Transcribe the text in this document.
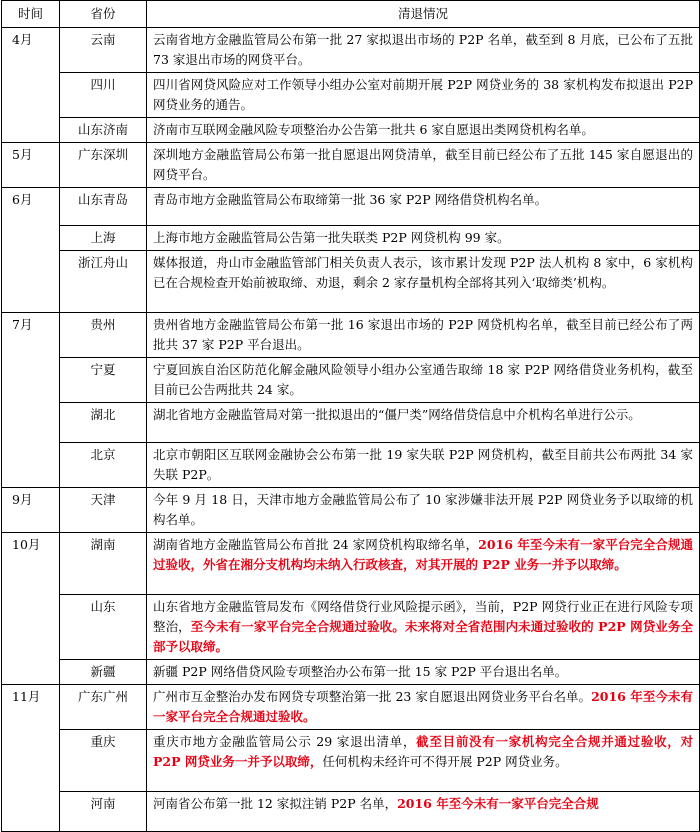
时间	省份	清退情况
4月	云南	云南省地方金融监管局公布第一批 27 家拟退出市场的 P2P 名单，截至到 8 月底，已公布了五批 73 家退出市场的网贷平台。
	四川	四川省网贷风险应对工作领导小组办公室对前期开展 P2P 网贷业务的 38 家机构发布拟退出 P2P 网贷业务的通告。
	山东济南	济南市互联网金融风险专项整治办公告第一批共 6 家自愿退出类网贷机构名单。
5月	广东深圳	深圳地方金融监管局公布第一批自愿退出网贷清单，截至目前已经公布了五批 145 家自愿退出的网贷平台。
6月	山东青岛	青岛市地方金融监管局公布取缔第一批 36 家 P2P 网络借贷机构名单。
	上海	上海市地方金融监管局公告第一批失联类 P2P 网贷机构 99 家。
	浙江舟山	媒体报道，舟山市金融监管部门相关负责人表示，该市累计发现 P2P 法人机构 8 家中，6 家机构已在合规检查开始前被取缔、劝退，剩余 2 家存量机构全部将其列入‘取缔类’机构。
7月	贵州	贵州省地方金融监管局公布第一批 16 家退出市场的 P2P 网贷机构名单，截至目前已经公布了两批共 37 家 P2P 平台退出。
	宁夏	宁夏回族自治区防范化解金融风险领导小组办公室通告取缔 18 家 P2P 网络借贷业务机构，截至目前已公告两批共 24 家。
	湖北	湖北省地方金融监管局对第一批拟退出的“僵尸类”网络借贷信息中介机构名单进行公示。
	北京	北京市朝阳区互联网金融协会公布第一批 19 家失联 P2P 网贷机构，截至目前共公布两批 34 家失联 P2P。
9月	天津	今年 9 月 18 日，天津市地方金融监管局公布了 10 家涉嫌非法开展 P2P 网贷业务予以取缔的机构名单。
10月	湖南	湖南省地方金融监管局公布首批 24 家网贷机构取缔名单，2016 年至今未有一家平台完全合规通过验收，外省在湘分支机构均未纳入行政核查，对其开展的 P2P 业务一并予以取缔。
	山东	山东省地方金融监管局发布《网络借贷行业风险提示函》，当前，P2P 网贷行业正在进行风险专项整治，至今未有一家平台完全合规通过验收。未来将对全省范围内未通过验收的 P2P 网贷业务全部予以取缔。
	新疆	新疆 P2P 网络借贷风险专项整治办公布第一批 15 家 P2P 平台退出名单。
11月	广东广州	广州市互金整治办发布网贷专项整治第一批 23 家自愿退出网贷业务平台名单。2016 年至今未有一家平台完全合规通过验收。
	重庆	重庆市地方金融监管局公示 29 家退出清单，截至目前没有一家机构完全合规并通过验收，对 P2P 网贷业务一并予以取缔，任何机构未经许可不得开展 P2P 网贷业务。
	河南	河南省公布第一批 12 家拟注销 P2P 名单，2016 年至今未有一家平台完全合规
